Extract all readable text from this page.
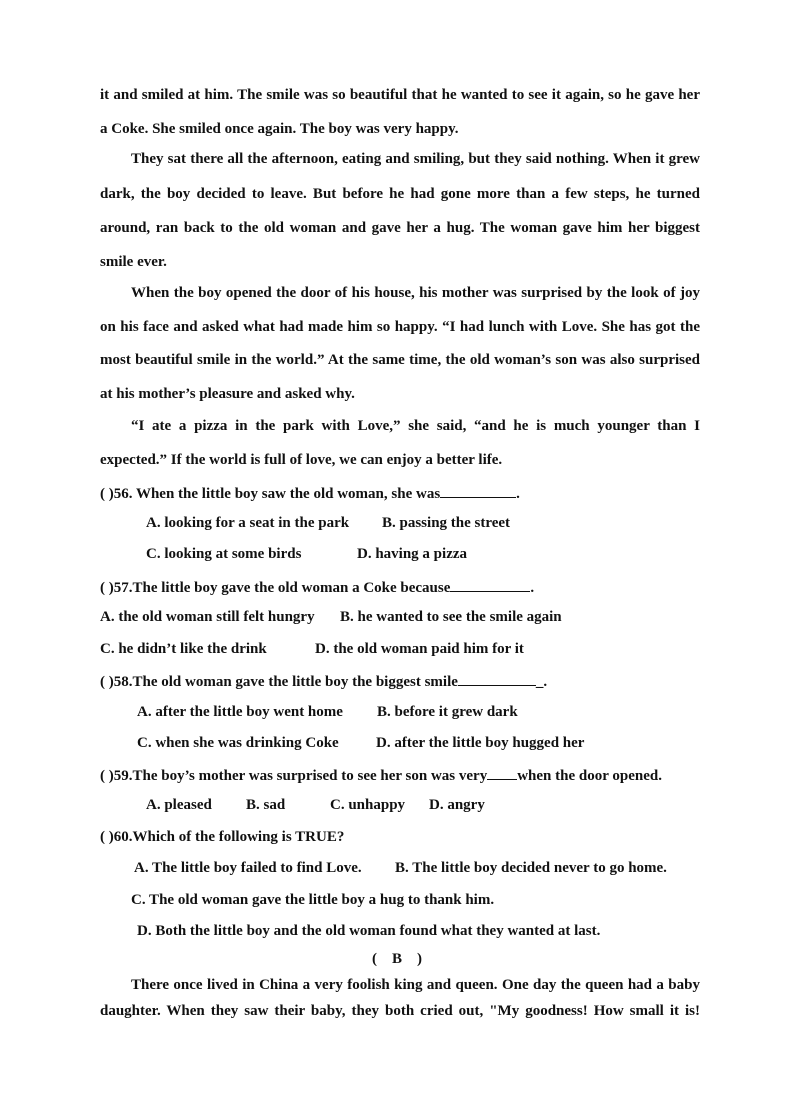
it and smiled at him. The smile was so beautiful that he wanted to see it again, so he gave her
a Coke. She smiled once again. The boy was very happy.
They sat there all the afternoon, eating and smiling, but they said nothing. When it grew
dark, the boy decided to leave. But before he had gone more than a few steps, he turned
around, ran back to the old woman and gave her a hug. The woman gave him her biggest
smile ever.
When the boy opened the door of his house, his mother was surprised by the look of joy
on his face and asked what had made him so happy. “I had lunch with Love. She has got the
most beautiful smile in the world.” At the same time, the old woman’s son was also surprised
at his mother’s pleasure and asked why.
“I ate a pizza in the park with Love,” she said, “and he is much younger than I
expected.” If the world is full of love, we can enjoy a better life.
( )56. When the little boy saw the old woman, she was	.
A. looking for a seat in the park B. passing the street
C. looking at some birds	D. having a pizza
( )57.The little boy gave the old woman a Coke because	.
A. the old woman still felt hungry B. he wanted to see the smile again
C. he didn’t like the drink	D. the old woman paid him for it
( )58.The old woman gave the little boy the biggest smile	_.
A. after the little boy went home B. before it grew dark
C. when she was drinking Coke D. after the little boy hugged her
( )59.The boy’s mother was surprised to see her son was very when the door opened.
A. pleased B. sad	C. unhappy D. angry
( )60.Which of the following is TRUE?
A. The little boy failed to find Love. B. The little boy decided never to go home.
C. The old woman gave the little boy a hug to thank him.
D. Both the little boy and the old woman found what they wanted at last.
(    B    )
There once lived in China a very foolish king and queen. One day the queen had a baby
daughter. When they saw their baby, they both cried out, "My goodness! How small it is!
